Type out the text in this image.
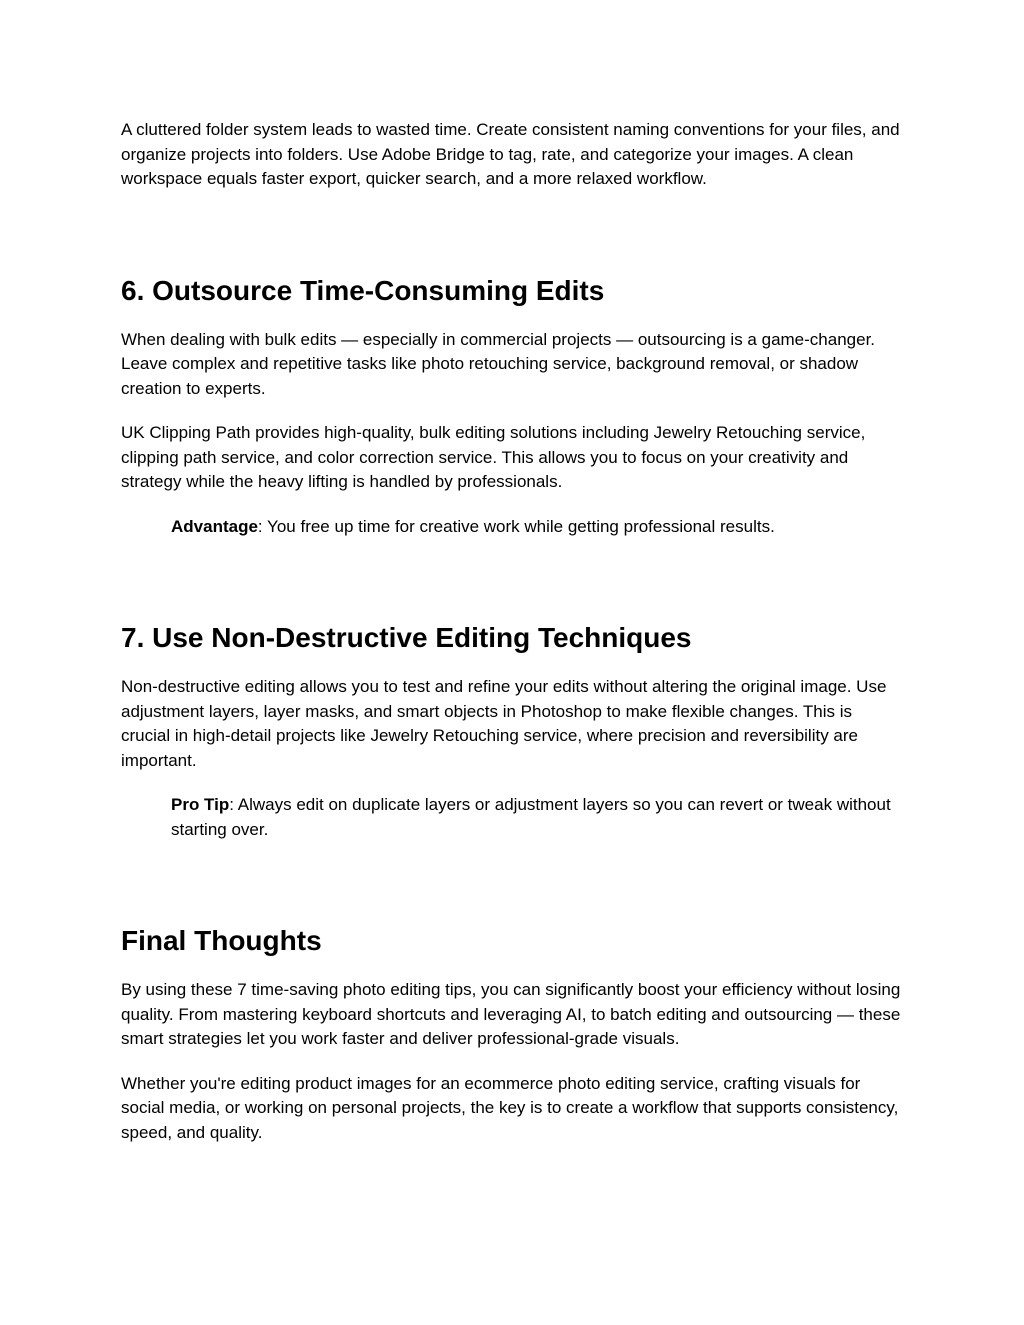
A cluttered folder system leads to wasted time. Create consistent naming conventions for your files, and organize projects into folders. Use Adobe Bridge to tag, rate, and categorize your images. A clean workspace equals faster export, quicker search, and a more relaxed workflow.

6. Outsource Time-Consuming Edits

When dealing with bulk edits — especially in commercial projects — outsourcing is a game-changer. Leave complex and repetitive tasks like photo retouching service, background removal, or shadow creation to experts.

UK Clipping Path provides high-quality, bulk editing solutions including Jewelry Retouching service, clipping path service, and color correction service. This allows you to focus on your creativity and strategy while the heavy lifting is handled by professionals.

Advantage: You free up time for creative work while getting professional results.

7. Use Non-Destructive Editing Techniques

Non-destructive editing allows you to test and refine your edits without altering the original image. Use adjustment layers, layer masks, and smart objects in Photoshop to make flexible changes. This is crucial in high-detail projects like Jewelry Retouching service, where precision and reversibility are important.

Pro Tip: Always edit on duplicate layers or adjustment layers so you can revert or tweak without starting over.

Final Thoughts

By using these 7 time-saving photo editing tips, you can significantly boost your efficiency without losing quality. From mastering keyboard shortcuts and leveraging AI, to batch editing and outsourcing — these smart strategies let you work faster and deliver professional-grade visuals.

Whether you're editing product images for an ecommerce photo editing service, crafting visuals for social media, or working on personal projects, the key is to create a workflow that supports consistency, speed, and quality.
